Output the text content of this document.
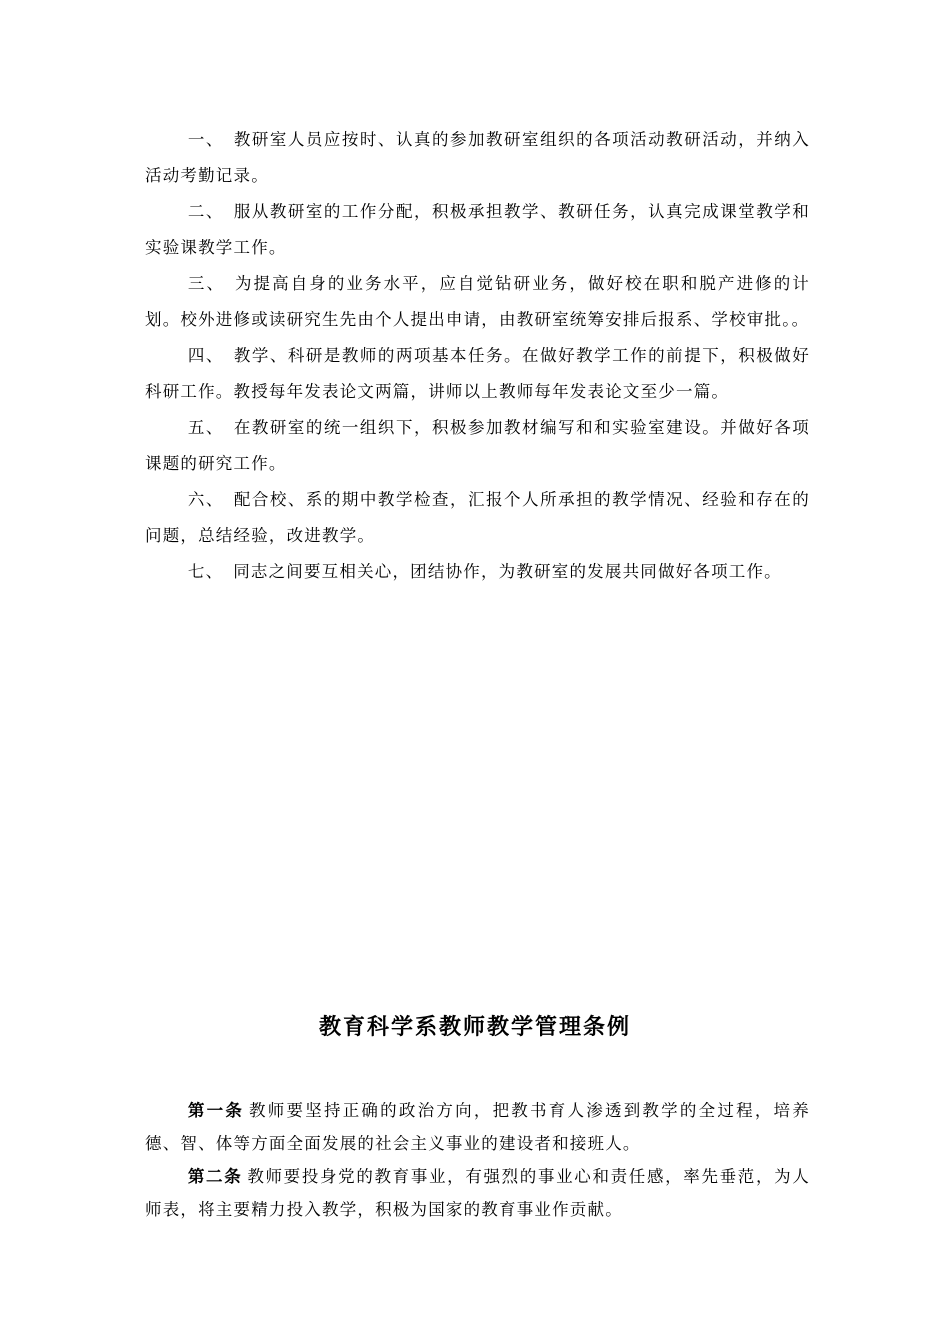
一、 教研室人员应按时、认真的参加教研室组织的各项活动教研活动，并纳入活动考勤记录。

二、 服从教研室的工作分配，积极承担教学、教研任务，认真完成课堂教学和实验课教学工作。

三、 为提高自身的业务水平，应自觉钻研业务，做好校在职和脱产进修的计划。校外进修或读研究生先由个人提出申请，由教研室统筹安排后报系、学校审批。。

四、 教学、科研是教师的两项基本任务。在做好教学工作的前提下，积极做好科研工作。教授每年发表论文两篇，讲师以上教师每年发表论文至少一篇。

五、 在教研室的统一组织下，积极参加教材编写和和实验室建设。并做好各项课题的研究工作。

六、 配合校、系的期中教学检查，汇报个人所承担的教学情况、经验和存在的问题，总结经验，改进教学。

七、 同志之间要互相关心，团结协作，为教研室的发展共同做好各项工作。

教育科学系教师教学管理条例

第一条 教师要坚持正确的政治方向，把教书育人渗透到教学的全过程，培养德、智、体等方面全面发展的社会主义事业的建设者和接班人。

第二条 教师要投身党的教育事业，有强烈的事业心和责任感，率先垂范，为人师表，将主要精力投入教学，积极为国家的教育事业作贡献。
